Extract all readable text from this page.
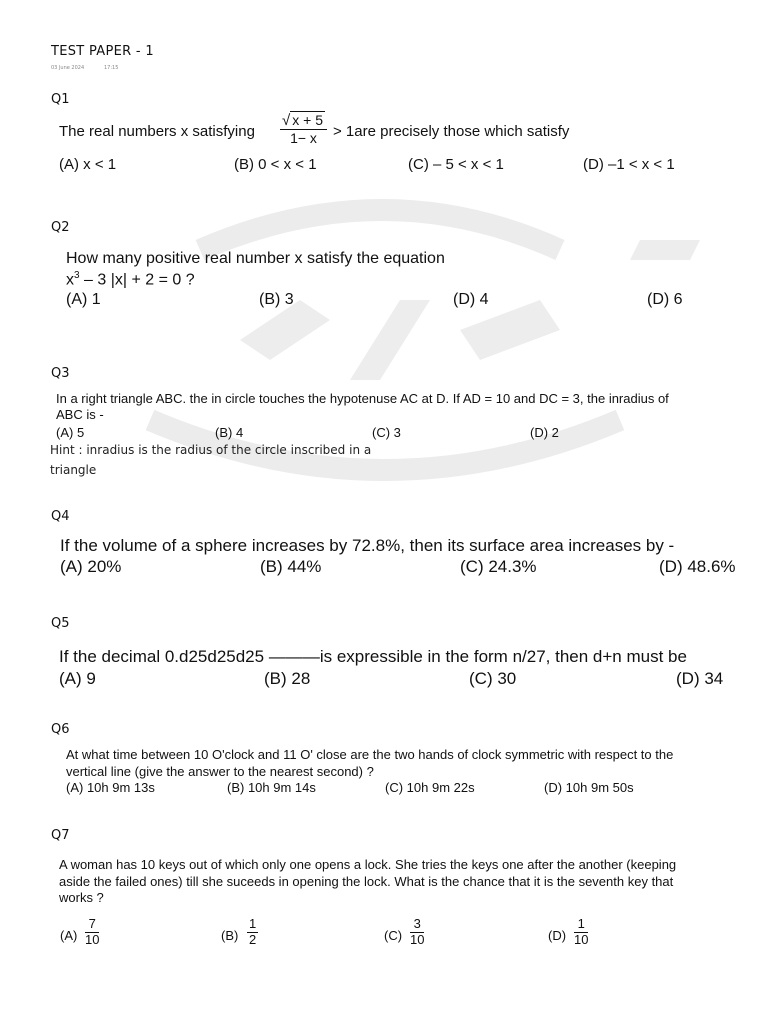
TEST PAPER - 1
03 June 2024	17:15
Q1
The real numbers x satisfying
√ x + 5
1− x > 1are precisely those which satisfy
(A) x < 1	(B) 0 < x < 1	(C) – 5 < x < 1	(D) –1 < x < 1
Q2
How many positive real number x satisfy the equation
$x^3 - 3$ |x| + 2 = 0 ?
(A) 1	(B) 3	(D) 4	(D) 6
Q3
In a right triangle ABC. the in circle touches the hypotenuse AC at D. If AD = 10 and DC = 3, the inradius of
ABC is -
(A) 5	(B) 4	(C) 3	(D) 2
Hint : inradius is the radius of the circle inscribed in a
triangle
Q4
If the volume of a sphere increases by 72.8%, then its surface area increases by -
(A) 20%	(B) 44%	(C) 24.3%	(D) 48.6%
Q5
If the decimal 0.d25d25d25 ———is expressible in the form n/27, then d+n must be
(A) 9	(B) 28	(C) 30	(D) 34
Q6
At what time between 10 O'clock and 11 O' close are the two hands of clock symmetric with respect to the
vertical line (give the answer to the nearest second) ?
(A) 10h 9m 13s	(B) 10h 9m 14s	(C) 10h 9m 22s	(D) 10h 9m 50s
Q7
A woman has 10 keys out of which only one opens a lock. She tries the keys one after the another (keeping
aside the failed ones) till she suceeds in opening the lock. What is the chance that it is the seventh key that
works ?
(A)
7
10	(B)
1
2	(C)
3
10	(D)
1
10
